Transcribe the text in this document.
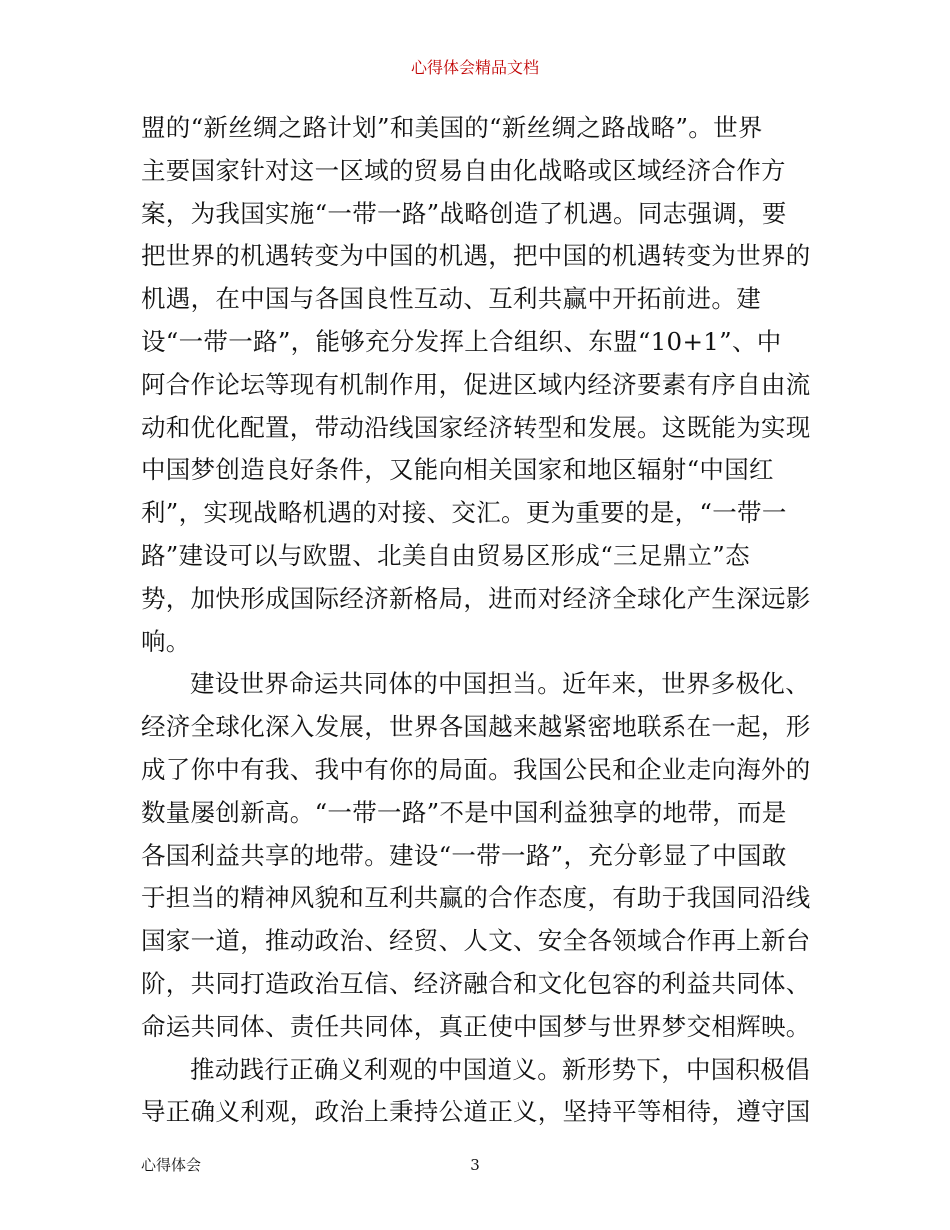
心得体会精品文档
盟的“新丝绸之路计划”和美国的“新丝绸之路战略”。世界
主要国家针对这一区域的贸易自由化战略或区域经济合作方
案，为我国实施“一带一路”战略创造了机遇。同志强调，要
把世界的机遇转变为中国的机遇，把中国的机遇转变为世界的
机遇，在中国与各国良性互动、互利共赢中开拓前进。建
设“一带一路”，能够充分发挥上合组织、东盟“10+1”、中
阿合作论坛等现有机制作用，促进区域内经济要素有序自由流
动和优化配置，带动沿线国家经济转型和发展。这既能为实现
中国梦创造良好条件，又能向相关国家和地区辐射“中国红
利”，实现战略机遇的对接、交汇。更为重要的是，“一带一
路”建设可以与欧盟、北美自由贸易区形成“三足鼎立”态
势，加快形成国际经济新格局，进而对经济全球化产生深远影
响。
建设世界命运共同体的中国担当。近年来，世界多极化、
经济全球化深入发展，世界各国越来越紧密地联系在一起，形
成了你中有我、我中有你的局面。我国公民和企业走向海外的
数量屡创新高。“一带一路”不是中国利益独享的地带，而是
各国利益共享的地带。建设“一带一路”，充分彰显了中国敢
于担当的精神风貌和互利共赢的合作态度，有助于我国同沿线
国家一道，推动政治、经贸、人文、安全各领域合作再上新台
阶，共同打造政治互信、经济融合和文化包容的利益共同体、
命运共同体、责任共同体，真正使中国梦与世界梦交相辉映。
推动践行正确义利观的中国道义。新形势下，中国积极倡
导正确义利观，政治上秉持公道正义，坚持平等相待，遵守国
心得体会	3
